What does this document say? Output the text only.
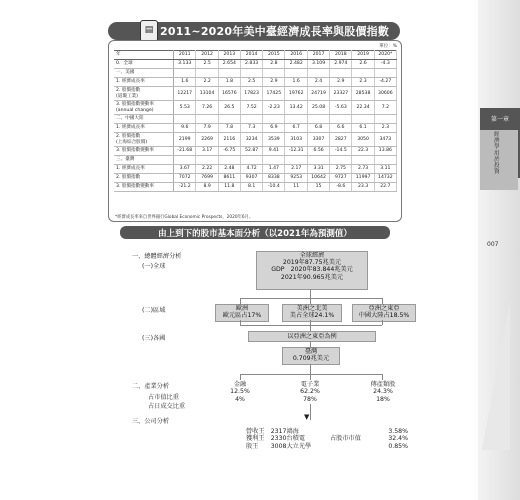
第一章
經濟學用於投資
007
▤ 2011~2020年美中臺經濟成長率與股價指數
單位：%
年	2011	2012	2013	2014	2015	2016	2017	2018	2019	2020*
0．全球	3.133	2.5	2.654	2.833	2.8	2.482	3.109	2.974	2.6	-4.3
一、美國										
1. 經濟成長率	1.6	2.2	1.8	2.5	2.9	1.6	2.4	2.9	2.3	-4.27
2. 股價指數
(道瓊工業)	12217	13104	16576	17823	17425	19762	24719	23327	28538	30606
3. 股價指數變動率
(annual change)	5.53	7.26	26.5	7.52	-2.23	13.42	25.08	-5.63	22.34	7.2
二、中國大陸										
1. 經濟成長率	9.6	7.9	7.8	7.3	6.9	6.7	6.8	6.6	6.1	2.3
2. 股價指數
(上海綜合股價)	2199	2269	2116	3234	3539	3103	3307	2827	3050	3473
3. 股價指數變動率	-21.68	3.17	-6.75	52.87	9.41	-12.31	6.56	-14.5	22.3	13.86
三、臺灣										
1. 經濟成長率	3.67	2.22	2.48	4.72	1.47	2.17	3.31	2.75	2.73	3.11
2. 股價指數	7072	7699	8611	9307	8338	9253	10642	9727	11997	14732
3. 股價指數變動率	-21.2	8.9	11.8	8.1	-10.4	11	15	-8.6	23.3	22.7
*經濟成長率來自世界銀行Global Economic Prospects，2020年6月。
由上到下的股市基本面分析（以2021年為預測值）
一、總體經濟分析
(一)全球
(二)區域
(三)各國
二、產業分析
占市值比重
占日成交比重
三、公司分析
全球經濟
2019年87.75兆美元
GDP　2020年83.844兆美元
2021年90.965兆美元
歐洲
歐元區占17%
美洲之北美
美占全球24.1%
亞洲之東亞
中國大陸占18.5%
以亞洲之東亞為例
臺灣
0.709兆美元
金融
12.5%
4%
電子業
62.2%
78%
傳產類股
24.3%
18%
▼
營收王　2317鴻海
獲利王　2330台積電
殷王　　3008大立光學
占股市市值
3.58%
32.4%
0.85%
